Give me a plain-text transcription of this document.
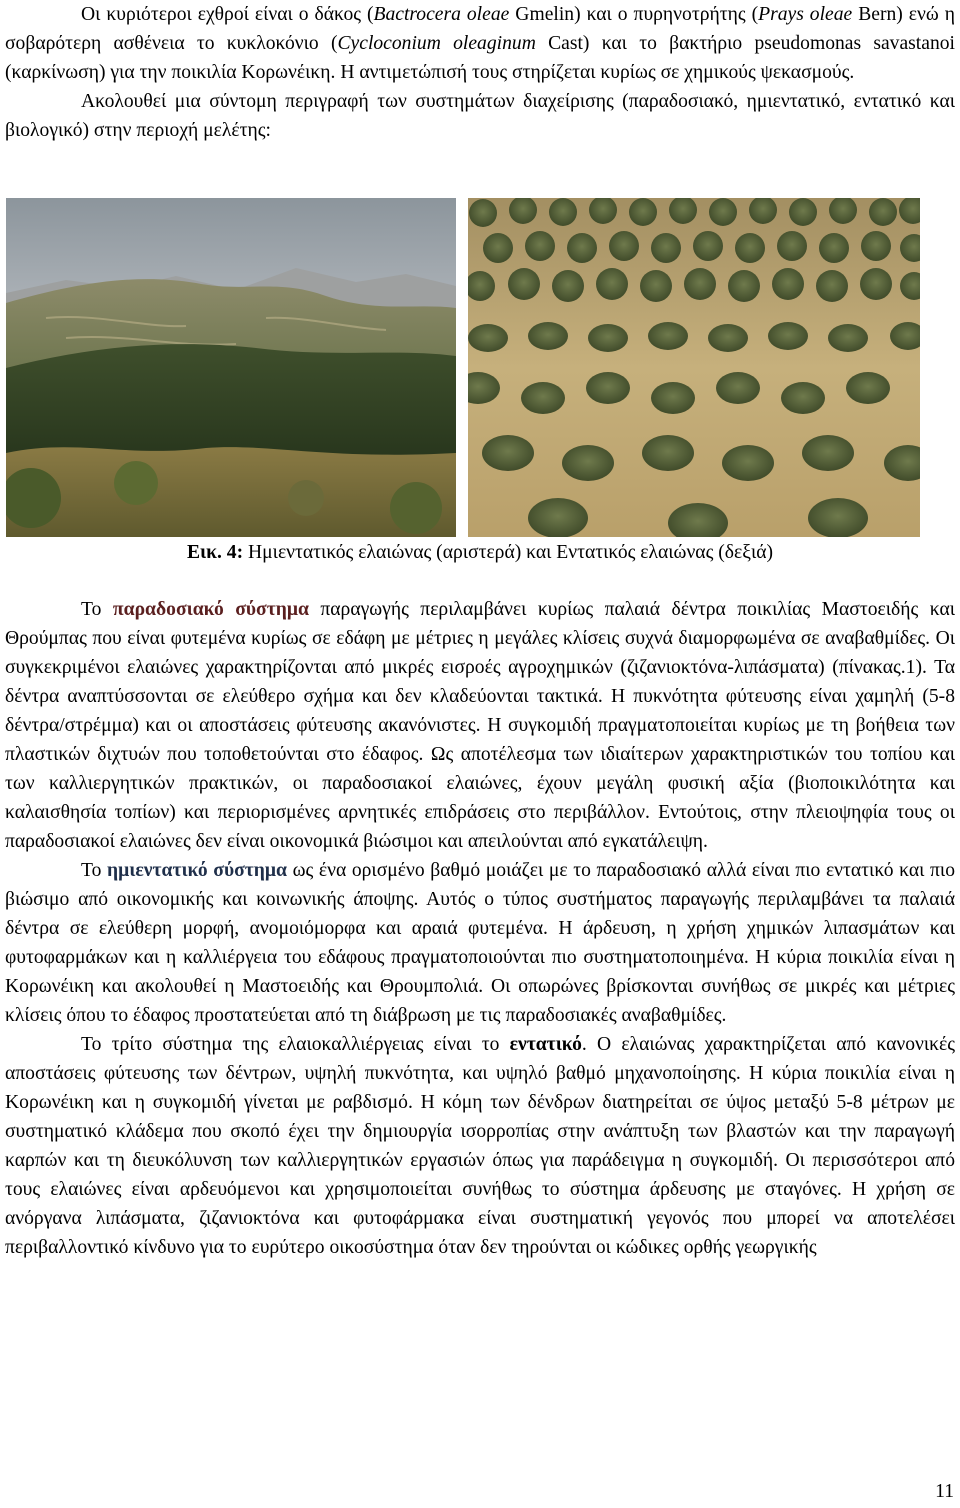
Οι κυριότεροι εχθροί είναι ο δάκος (Bactrocera oleae Gmelin) και ο πυρηνοτρήτης (Prays oleae Bern) ενώ η σοβαρότερη ασθένεια το κυκλοκόνιο (Cycloconium oleaginum Cast) και το βακτήριο pseudomonas savastanoi (καρκίνωση) για την ποικιλία Κορωνέικη. Η αντιμετώπισή τους στηρίζεται κυρίως σε χημικούς ψεκασμούς.

Ακολουθεί μια σύντομη περιγραφή των συστημάτων διαχείρισης (παραδοσιακό, ημιεντατικό, εντατικό και βιολογικό) στην περιοχή μελέτης:

Εικ. 4: Ημιεντατικός ελαιώνας (αριστερά) και Εντατικός ελαιώνας (δεξιά)

Το παραδοσιακό σύστημα παραγωγής περιλαμβάνει κυρίως παλαιά δέντρα ποικιλίας Μαστοειδής και Θρούμπας που είναι φυτεμένα κυρίως σε εδάφη με μέτριες η μεγάλες κλίσεις συχνά διαμορφωμένα σε αναβαθμίδες. Οι συγκεκριμένοι ελαιώνες χαρακτηρίζονται από μικρές εισροές αγροχημικών (ζιζανιοκτόνα-λιπάσματα) (πίνακας.1). Τα δέντρα αναπτύσσονται σε ελεύθερο σχήμα και δεν κλαδεύονται τακτικά. Η πυκνότητα φύτευσης είναι χαμηλή (5-8 δέντρα/στρέμμα) και οι αποστάσεις φύτευσης ακανόνιστες. Η συγκομιδή πραγματοποιείται κυρίως με τη βοήθεια των πλαστικών διχτυών που τοποθετούνται στο έδαφος. Ως αποτέλεσμα των ιδιαίτερων χαρακτηριστικών του τοπίου και των καλλιεργητικών πρακτικών, οι παραδοσιακοί ελαιώνες, έχουν μεγάλη φυσική αξία (βιοποικιλότητα και καλαισθησία τοπίων) και περιορισμένες αρνητικές επιδράσεις στο περιβάλλον. Εντούτοις, στην πλειοψηφία τους οι παραδοσιακοί ελαιώνες δεν είναι οικονομικά βιώσιμοι και απειλούνται από εγκατάλειψη.

Το ημιεντατικό σύστημα ως ένα ορισμένο βαθμό μοιάζει με το παραδοσιακό αλλά είναι πιο εντατικό και πιο βιώσιμο από οικονομικής και κοινωνικής άποψης. Αυτός ο τύπος συστήματος παραγωγής περιλαμβάνει τα παλαιά δέντρα σε ελεύθερη μορφή, ανομοιόμορφα και αραιά φυτεμένα. Η άρδευση, η χρήση χημικών λιπασμάτων και φυτοφαρμάκων και η καλλιέργεια του εδάφους πραγματοποιούνται πιο συστηματοποιημένα. Η κύρια ποικιλία είναι η Κορωνέικη και ακολουθεί η Μαστοειδής και Θρουμπολιά. Οι οπωρώνες βρίσκονται συνήθως σε μικρές και μέτριες κλίσεις όπου το έδαφος προστατεύεται από τη διάβρωση με τις παραδοσιακές αναβαθμίδες.

Το τρίτο σύστημα της ελαιοκαλλιέργειας είναι το εντατικό. Ο ελαιώνας χαρακτηρίζεται από κανονικές αποστάσεις φύτευσης των δέντρων, υψηλή πυκνότητα, και υψηλό βαθμό μηχανοποίησης. Η κύρια ποικιλία είναι η Κορωνέικη και η συγκομιδή γίνεται με ραβδισμό. Η κόμη των δένδρων διατηρείται σε ύψος μεταξύ 5-8 μέτρων με συστηματικό κλάδεμα που σκοπό έχει την δημιουργία ισορροπίας στην ανάπτυξη των βλαστών και την παραγωγή καρπών και τη διευκόλυνση των καλλιεργητικών εργασιών όπως για παράδειγμα η συγκομιδή. Οι περισσότεροι από τους ελαιώνες είναι αρδευόμενοι και χρησιμοποιείται συνήθως το σύστημα άρδευσης με σταγόνες. Η χρήση σε ανόργανα λιπάσματα, ζιζανιοκτόνα και φυτοφάρμακα είναι συστηματική γεγονός που μπορεί να αποτελέσει περιβαλλοντικό κίνδυνο για το ευρύτερο οικοσύστημα όταν δεν τηρούνται οι κώδικες ορθής γεωργικής

11
